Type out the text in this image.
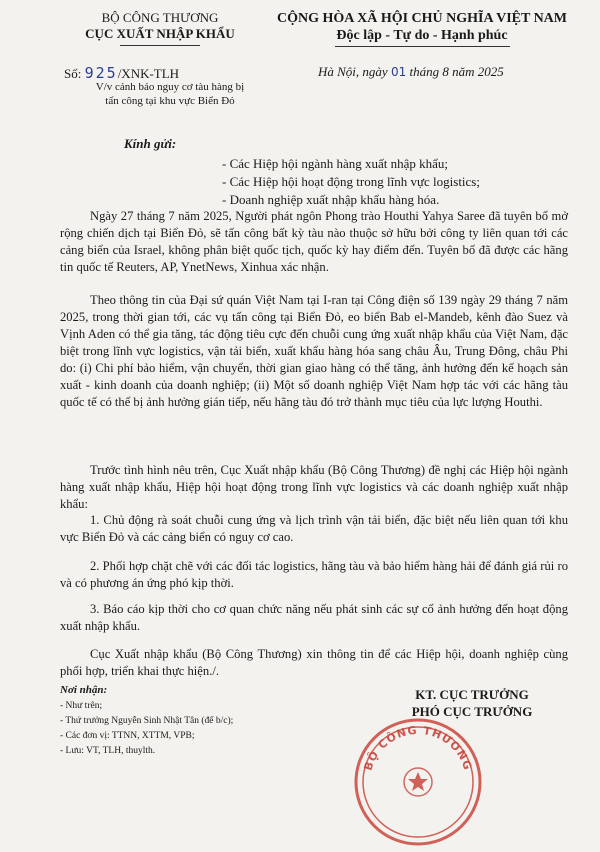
BỘ CÔNG THƯƠNG
CỤC XUẤT NHẬP KHẨU
CỘNG HÒA XÃ HỘI CHỦ NGHĨA VIỆT NAM
Độc lập - Tự do - Hạnh phúc
Số: 925/XNK-TLH
V/v cảnh báo nguy cơ tàu hàng bị
tấn công tại khu vực Biển Đỏ
Hà Nội, ngày 01 tháng 8 năm 2025
Kính gửi:
- Các Hiệp hội ngành hàng xuất nhập khẩu;
- Các Hiệp hội hoạt động trong lĩnh vực logistics;
- Doanh nghiệp xuất nhập khẩu hàng hóa.
Ngày 27 tháng 7 năm 2025, Người phát ngôn Phong trào Houthi Yahya Saree đã tuyên bố mở rộng chiến dịch tại Biển Đỏ, sẽ tấn công bất kỳ tàu nào thuộc sở hữu bởi công ty liên quan tới các cảng biển của Israel, không phân biệt quốc tịch, quốc kỳ hay điểm đến. Tuyên bố đã được các hãng tin quốc tế Reuters, AP, YnetNews, Xinhua xác nhận.
Theo thông tin của Đại sứ quán Việt Nam tại I-ran tại Công điện số 139 ngày 29 tháng 7 năm 2025, trong thời gian tới, các vụ tấn công tại Biển Đỏ, eo biển Bab el-Mandeb, kênh đào Suez và Vịnh Aden có thể gia tăng, tác động tiêu cực đến chuỗi cung ứng xuất nhập khẩu của Việt Nam, đặc biệt trong lĩnh vực logistics, vận tải biển, xuất khẩu hàng hóa sang châu Âu, Trung Đông, châu Phi do: (i) Chi phí bảo hiểm, vận chuyển, thời gian giao hàng có thể tăng, ảnh hưởng đến kế hoạch sản xuất - kinh doanh của doanh nghiệp; (ii) Một số doanh nghiệp Việt Nam hợp tác với các hãng tàu quốc tế có thể bị ảnh hưởng gián tiếp, nếu hãng tàu đó trở thành mục tiêu của lực lượng Houthi.
Trước tình hình nêu trên, Cục Xuất nhập khẩu (Bộ Công Thương) đề nghị các Hiệp hội ngành hàng xuất nhập khẩu, Hiệp hội hoạt động trong lĩnh vực logistics và các doanh nghiệp xuất nhập khẩu:
1. Chủ động rà soát chuỗi cung ứng và lịch trình vận tải biển, đặc biệt nếu liên quan tới khu vực Biển Đỏ và các cảng biển có nguy cơ cao.
2. Phối hợp chặt chẽ với các đối tác logistics, hãng tàu và bảo hiểm hàng hải để đánh giá rủi ro và có phương án ứng phó kịp thời.
3. Báo cáo kịp thời cho cơ quan chức năng nếu phát sinh các sự cố ảnh hưởng đến hoạt động xuất nhập khẩu.
Cục Xuất nhập khẩu (Bộ Công Thương) xin thông tin để các Hiệp hội, doanh nghiệp cùng phối hợp, triển khai thực hiện./.
Nơi nhận:
- Như trên;
- Thứ trưởng Nguyễn Sinh Nhật Tân (để b/c);
- Các đơn vị: TTNN, XTTM, VPB;
- Lưu: VT, TLH, thuylth.
KT. CỤC TRƯỞNG
PHÓ CỤC TRƯỞNG
BỘ CÔNG THƯƠNG
